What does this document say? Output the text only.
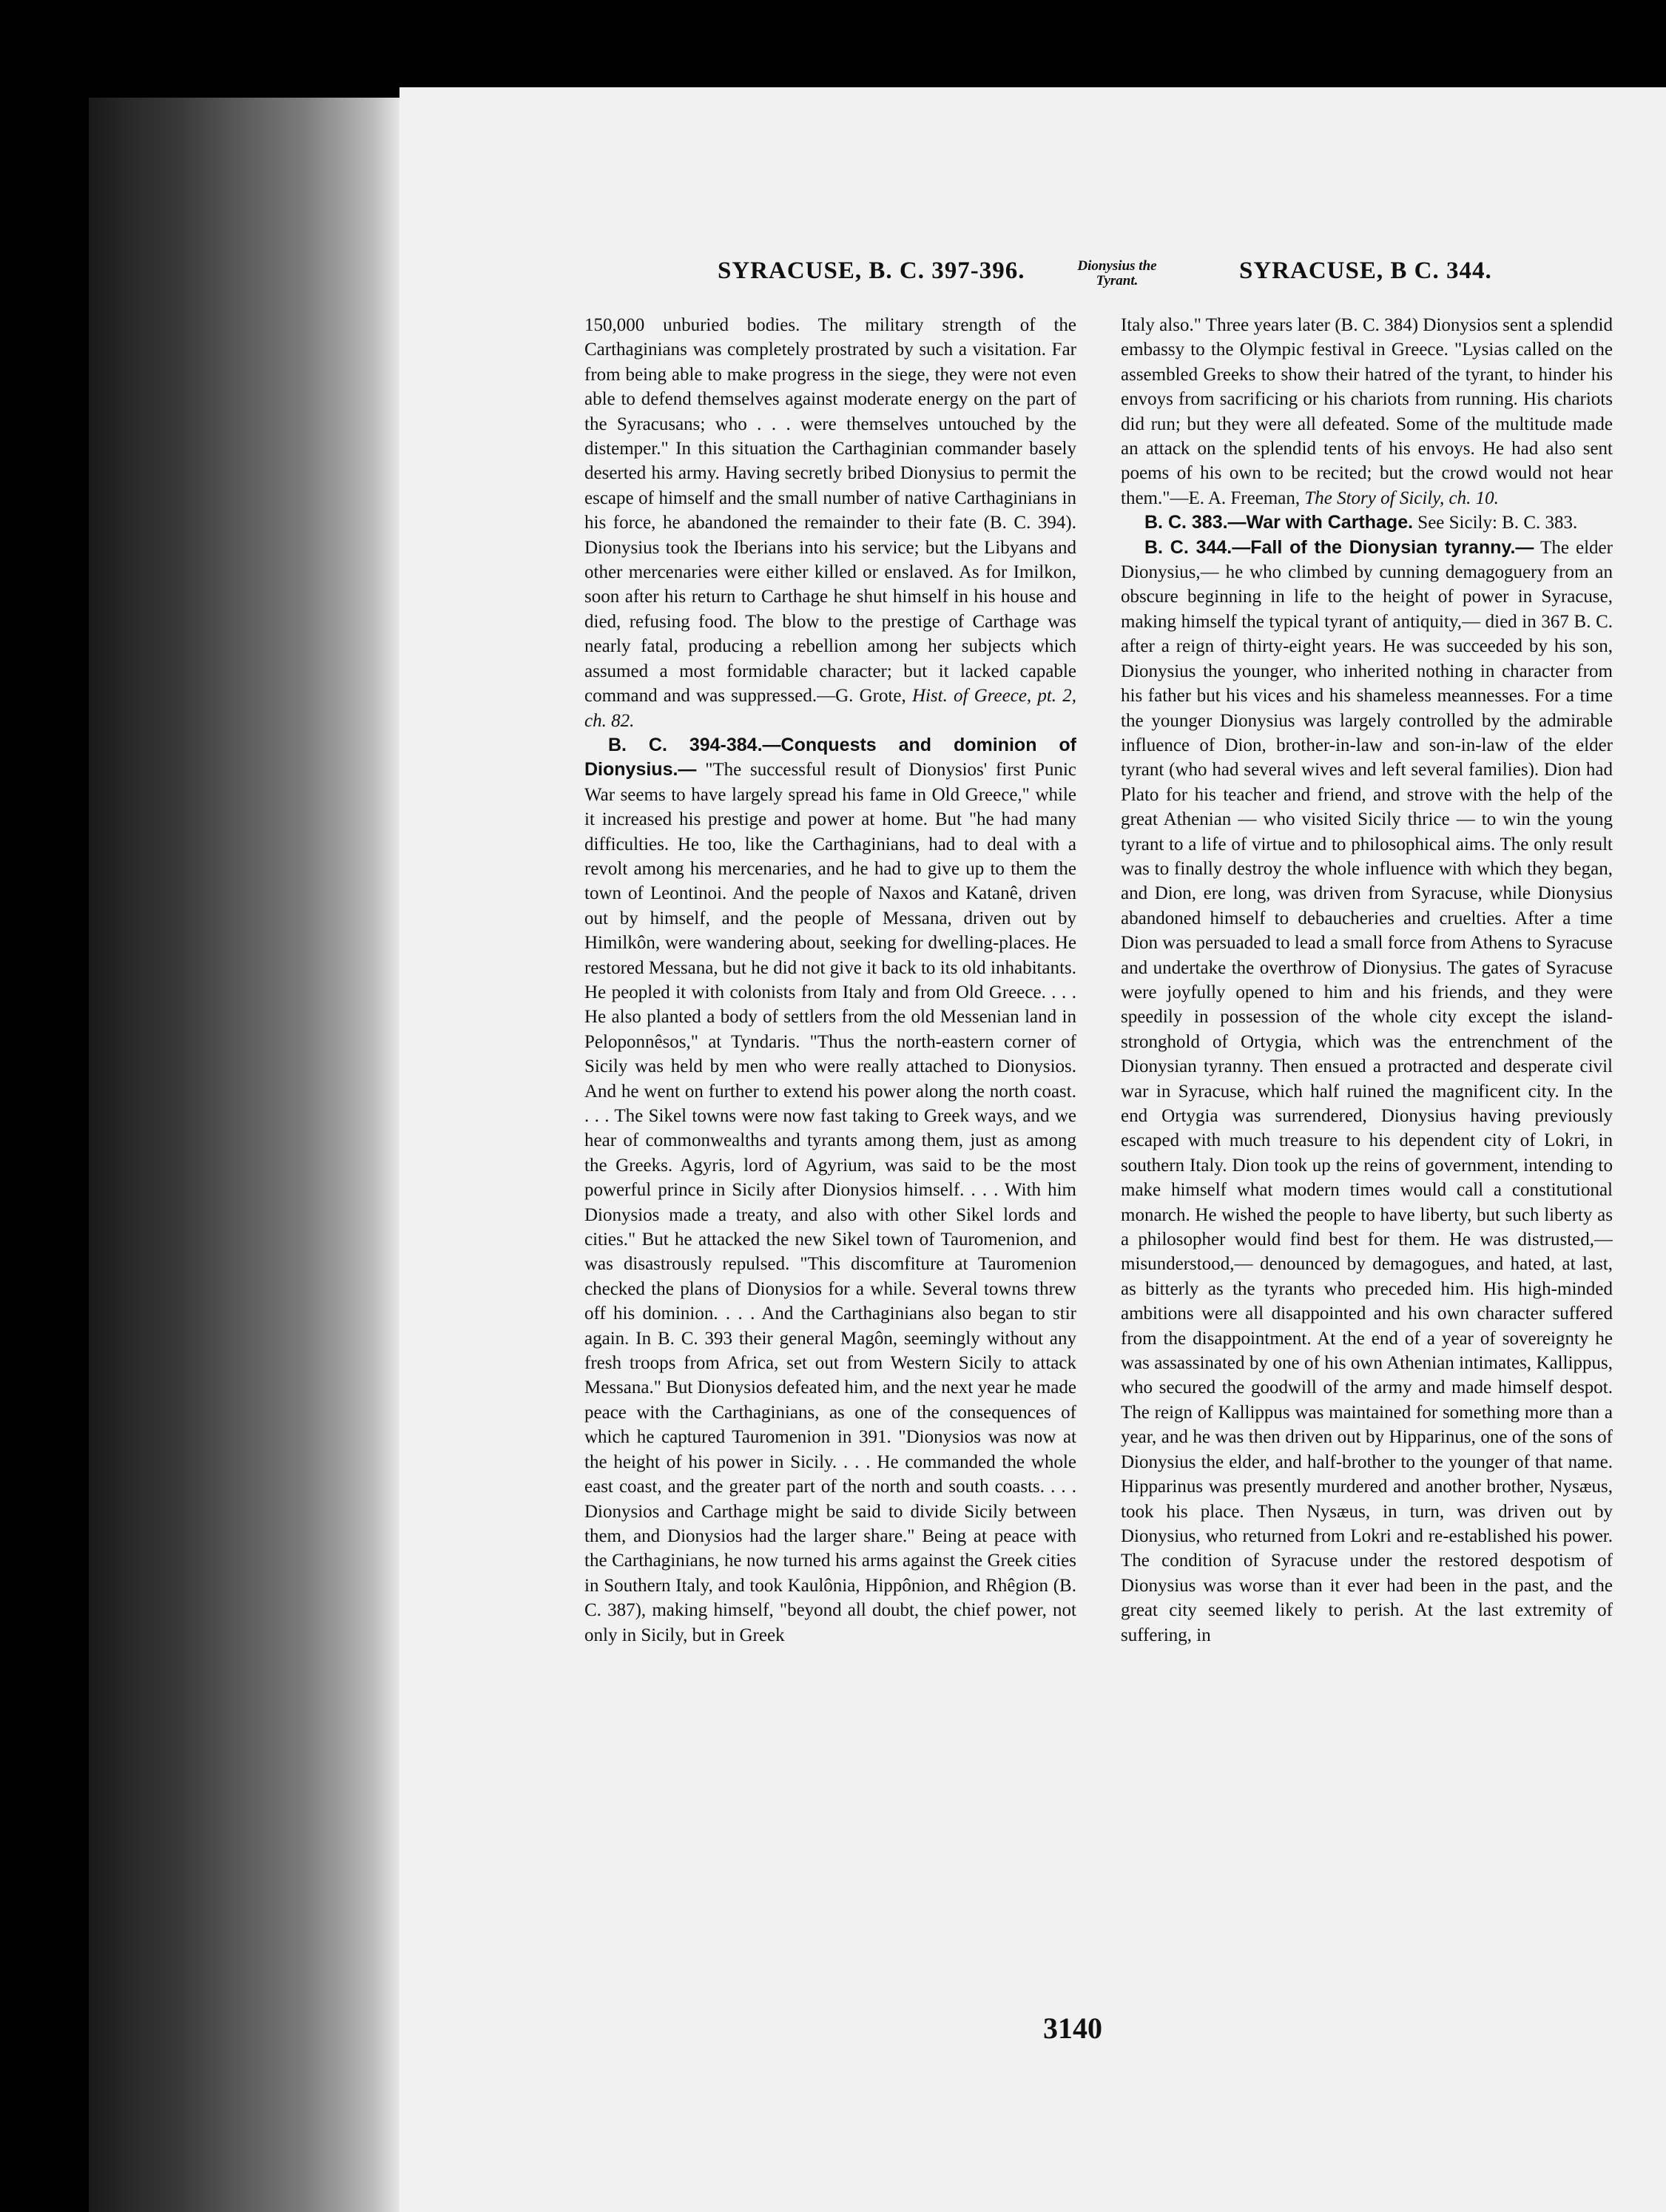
SYRACUSE, B. C. 397-396.	Dionysius the
Tyrant.	SYRACUSE, B C. 344.

150,000 unburied bodies. The military strength of the Carthaginians was completely prostrated by such a visitation. Far from being able to make progress in the siege, they were not even able to defend themselves against moderate energy on the part of the Syracusans; who . . . were themselves untouched by the distemper." In this situation the Carthaginian commander basely deserted his army. Having secretly bribed Dionysius to permit the escape of himself and the small number of native Carthaginians in his force, he abandoned the remainder to their fate (B. C. 394). Dionysius took the Iberians into his service; but the Libyans and other mercenaries were either killed or enslaved. As for Imilkon, soon after his return to Carthage he shut himself in his house and died, refusing food. The blow to the prestige of Carthage was nearly fatal, producing a rebellion among her subjects which assumed a most formidable character; but it lacked capable command and was suppressed.—G. Grote, Hist. of Greece, pt. 2, ch. 82.

B. C. 394-384.—Conquests and dominion of Dionysius.— "The successful result of Dionysios' first Punic War seems to have largely spread his fame in Old Greece," while it increased his prestige and power at home. But "he had many difficulties. He too, like the Carthaginians, had to deal with a revolt among his mercenaries, and he had to give up to them the town of Leontinoi. And the people of Naxos and Katanê, driven out by himself, and the people of Messana, driven out by Himilkôn, were wandering about, seeking for dwelling-places. He restored Messana, but he did not give it back to its old inhabitants. He peopled it with colonists from Italy and from Old Greece. . . . He also planted a body of settlers from the old Messenian land in Peloponnêsos," at Tyndaris. "Thus the north-eastern corner of Sicily was held by men who were really attached to Dionysios. And he went on further to extend his power along the north coast. . . . The Sikel towns were now fast taking to Greek ways, and we hear of commonwealths and tyrants among them, just as among the Greeks. Agyris, lord of Agyrium, was said to be the most powerful prince in Sicily after Dionysios himself. . . . With him Dionysios made a treaty, and also with other Sikel lords and cities." But he attacked the new Sikel town of Tauromenion, and was disastrously repulsed. "This discomfiture at Tauromenion checked the plans of Dionysios for a while. Several towns threw off his dominion. . . . And the Carthaginians also began to stir again. In B. C. 393 their general Magôn, seemingly without any fresh troops from Africa, set out from Western Sicily to attack Messana." But Dionysios defeated him, and the next year he made peace with the Carthaginians, as one of the consequences of which he captured Tauromenion in 391. "Dionysios was now at the height of his power in Sicily. . . . He commanded the whole east coast, and the greater part of the north and south coasts. . . . Dionysios and Carthage might be said to divide Sicily between them, and Dionysios had the larger share." Being at peace with the Carthaginians, he now turned his arms against the Greek cities in Southern Italy, and took Kaulônia, Hippônion, and Rhêgion (B. C. 387), making himself, "beyond all doubt, the chief power, not only in Sicily, but in Greek

Italy also." Three years later (B. C. 384) Dionysios sent a splendid embassy to the Olympic festival in Greece. "Lysias called on the assembled Greeks to show their hatred of the tyrant, to hinder his envoys from sacrificing or his chariots from running. His chariots did run; but they were all defeated. Some of the multitude made an attack on the splendid tents of his envoys. He had also sent poems of his own to be recited; but the crowd would not hear them."—E. A. Freeman, The Story of Sicily, ch. 10.

B. C. 383.—War with Carthage. See Sicily: B. C. 383.

B. C. 344.—Fall of the Dionysian tyranny.— The elder Dionysius,— he who climbed by cunning demagoguery from an obscure beginning in life to the height of power in Syracuse, making himself the typical tyrant of antiquity,— died in 367 B. C. after a reign of thirty-eight years. He was succeeded by his son, Dionysius the younger, who inherited nothing in character from his father but his vices and his shameless meannesses. For a time the younger Dionysius was largely controlled by the admirable influence of Dion, brother-in-law and son-in-law of the elder tyrant (who had several wives and left several families). Dion had Plato for his teacher and friend, and strove with the help of the great Athenian — who visited Sicily thrice — to win the young tyrant to a life of virtue and to philosophical aims. The only result was to finally destroy the whole influence with which they began, and Dion, ere long, was driven from Syracuse, while Dionysius abandoned himself to debaucheries and cruelties. After a time Dion was persuaded to lead a small force from Athens to Syracuse and undertake the overthrow of Dionysius. The gates of Syracuse were joyfully opened to him and his friends, and they were speedily in possession of the whole city except the island-stronghold of Ortygia, which was the entrenchment of the Dionysian tyranny. Then ensued a protracted and desperate civil war in Syracuse, which half ruined the magnificent city. In the end Ortygia was surrendered, Dionysius having previously escaped with much treasure to his dependent city of Lokri, in southern Italy. Dion took up the reins of government, intending to make himself what modern times would call a constitutional monarch. He wished the people to have liberty, but such liberty as a philosopher would find best for them. He was distrusted,— misunderstood,— denounced by demagogues, and hated, at last, as bitterly as the tyrants who preceded him. His high-minded ambitions were all disappointed and his own character suffered from the disappointment. At the end of a year of sovereignty he was assassinated by one of his own Athenian intimates, Kallippus, who secured the goodwill of the army and made himself despot. The reign of Kallippus was maintained for something more than a year, and he was then driven out by Hipparinus, one of the sons of Dionysius the elder, and half-brother to the younger of that name. Hipparinus was presently murdered and another brother, Nysæus, took his place. Then Nysæus, in turn, was driven out by Dionysius, who returned from Lokri and re-established his power. The condition of Syracuse under the restored despotism of Dionysius was worse than it ever had been in the past, and the great city seemed likely to perish. At the last extremity of suffering, in

3140
